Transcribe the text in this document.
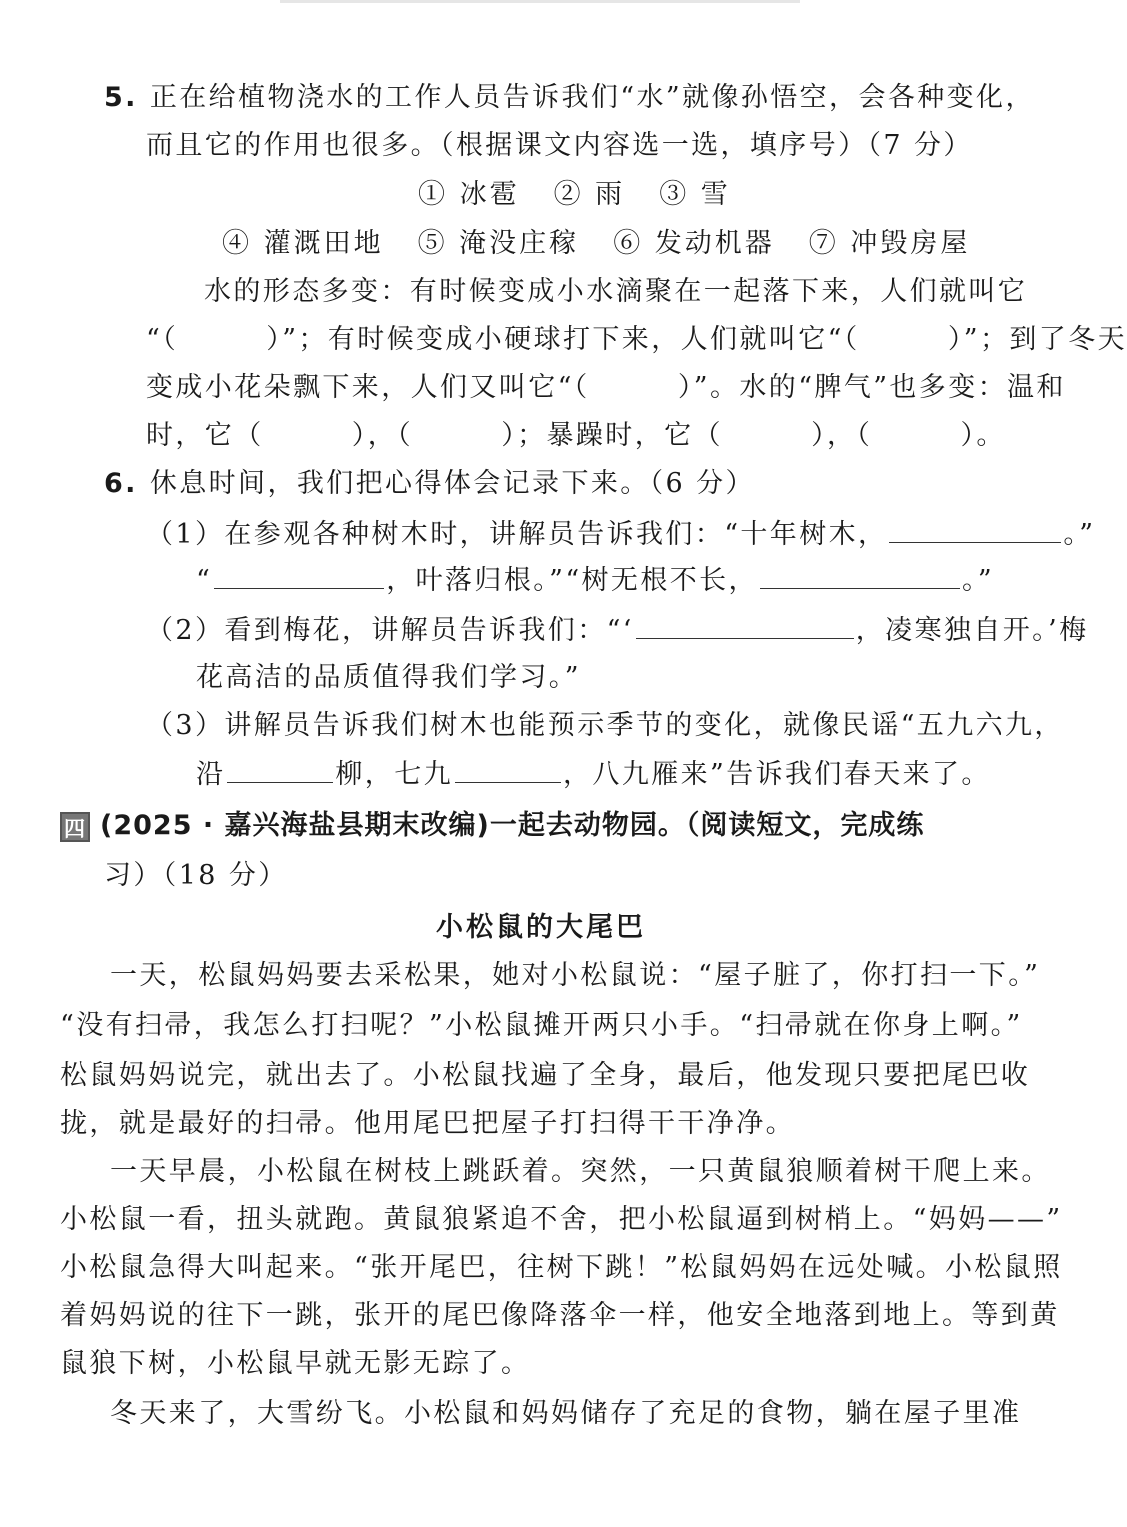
5. 正在给植物浇水的工作人员告诉我们“水”就像孙悟空，会各种变化，
而且它的作用也很多。（根据课文内容选一选，填序号）（7 分）
① 冰雹 ② 雨 ③ 雪
④ 灌溉田地 ⑤ 淹没庄稼 ⑥ 发动机器 ⑦ 冲毁房屋
水的形态多变：有时候变成小水滴聚在一起落下来，人们就叫它
“（　　　）”；有时候变成小硬球打下来，人们就叫它“（　　　）”；到了冬天
变成小花朵飘下来，人们又叫它“（　　　）”。水的“脾气”也多变：温和
时，它（　　　），（　　　）；暴躁时，它（　　　），（　　　）。
6. 休息时间，我们把心得体会记录下来。（6 分）
（1）在参观各种树木时，讲解员告诉我们：“十年树木，	。”
“	，叶落归根。”“树无根不长，	。”
（2）看到梅花，讲解员告诉我们：“‘	，凌寒独自开。’梅
花高洁的品质值得我们学习。”
（3）讲解员告诉我们树木也能预示季节的变化，就像民谣“五九六九，
沿	柳，七九	，八九雁来”告诉我们春天来了。
四 (2025 · 嘉兴海盐县期末改编)一起去动物园。（阅读短文，完成练
习）（18 分）
小松鼠的大尾巴
一天，松鼠妈妈要去采松果，她对小松鼠说：“屋子脏了，你打扫一下。”
“没有扫帚，我怎么打扫呢？”小松鼠摊开两只小手。“扫帚就在你身上啊。”
松鼠妈妈说完，就出去了。小松鼠找遍了全身，最后，他发现只要把尾巴收
拢，就是最好的扫帚。他用尾巴把屋子打扫得干干净净。
一天早晨，小松鼠在树枝上跳跃着。突然，一只黄鼠狼顺着树干爬上来。
小松鼠一看，扭头就跑。黄鼠狼紧追不舍，把小松鼠逼到树梢上。“妈妈——”
小松鼠急得大叫起来。“张开尾巴，往树下跳！”松鼠妈妈在远处喊。小松鼠照
着妈妈说的往下一跳，张开的尾巴像降落伞一样，他安全地落到地上。等到黄
鼠狼下树，小松鼠早就无影无踪了。
冬天来了，大雪纷飞。小松鼠和妈妈储存了充足的食物，躺在屋子里准
